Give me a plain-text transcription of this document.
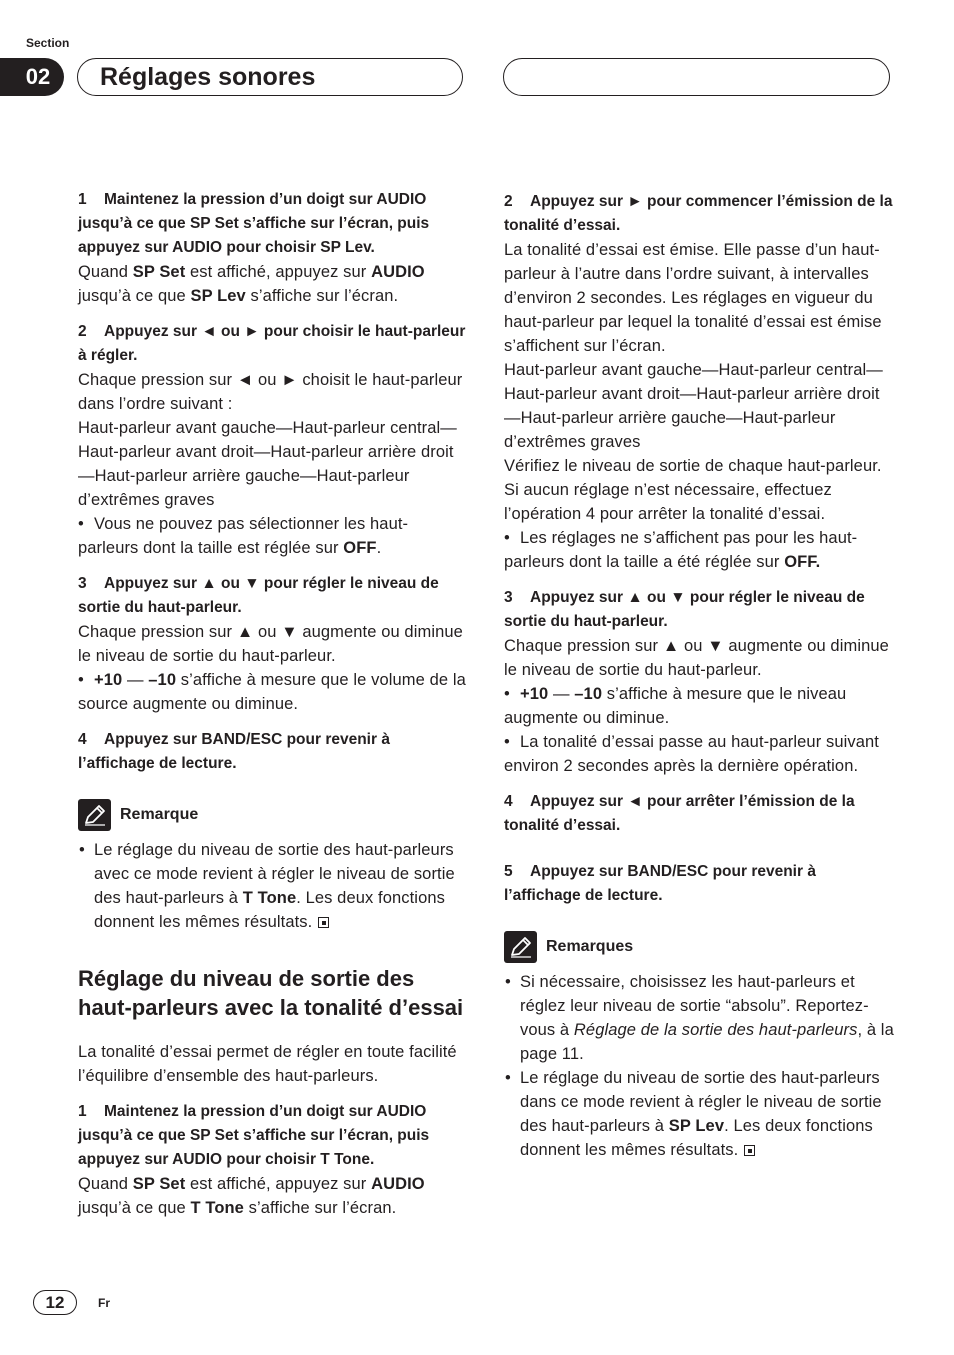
Section
02	Réglages sonores
1 Maintenez la pression d’un doigt sur AUDIO jusqu’à ce que SP Set s’affiche sur l’écran, puis appuyez sur AUDIO pour choisir SP Lev.
Quand SP Set est affiché, appuyez sur AUDIO jusqu’à ce que SP Lev s’affiche sur l’écran.
2 Appuyez sur ◄ ou ► pour choisir le haut-parleur à régler.
Chaque pression sur ◄ ou ► choisit le haut-parleur dans l’ordre suivant :
Haut-parleur avant gauche—Haut-parleur central—Haut-parleur avant droit—Haut-parleur arrière droit—Haut-parleur arrière gauche—Haut-parleur d’extrêmes graves
• Vous ne pouvez pas sélectionner les haut-parleurs dont la taille est réglée sur OFF.
3 Appuyez sur ▲ ou ▼ pour régler le niveau de sortie du haut-parleur.
Chaque pression sur ▲ ou ▼ augmente ou diminue le niveau de sortie du haut-parleur.
• +10 — –10 s’affiche à mesure que le volume de la source augmente ou diminue.
4 Appuyez sur BAND/ESC pour revenir à l’affichage de lecture.
Remarque
• Le réglage du niveau de sortie des haut-parleurs avec ce mode revient à régler le niveau de sortie des haut-parleurs à T Tone. Les deux fonctions donnent les mêmes résultats.
Réglage du niveau de sortie des haut-parleurs avec la tonalité d’essai
La tonalité d’essai permet de régler en toute facilité l’équilibre d’ensemble des haut-parleurs.
1 Maintenez la pression d’un doigt sur AUDIO jusqu’à ce que SP Set s’affiche sur l’écran, puis appuyez sur AUDIO pour choisir T Tone.
Quand SP Set est affiché, appuyez sur AUDIO jusqu’à ce que T Tone s’affiche sur l’écran.
2 Appuyez sur ► pour commencer l’émission de la tonalité d’essai.
La tonalité d’essai est émise. Elle passe d’un haut-parleur à l’autre dans l’ordre suivant, à intervalles d’environ 2 secondes. Les réglages en vigueur du haut-parleur par lequel la tonalité d’essai est émise s’affichent sur l’écran.
Haut-parleur avant gauche—Haut-parleur central—Haut-parleur avant droit—Haut-parleur arrière droit—Haut-parleur arrière gauche—Haut-parleur d’extrêmes graves
Vérifiez le niveau de sortie de chaque haut-parleur. Si aucun réglage n’est nécessaire, effectuez l’opération 4 pour arrêter la tonalité d’essai.
• Les réglages ne s’affichent pas pour les haut-parleurs dont la taille a été réglée sur OFF.
3 Appuyez sur ▲ ou ▼ pour régler le niveau de sortie du haut-parleur.
Chaque pression sur ▲ ou ▼ augmente ou diminue le niveau de sortie du haut-parleur.
• +10 — –10 s’affiche à mesure que le niveau augmente ou diminue.
• La tonalité d’essai passe au haut-parleur suivant environ 2 secondes après la dernière opération.
4 Appuyez sur ◄ pour arrêter l’émission de la tonalité d’essai.
5 Appuyez sur BAND/ESC pour revenir à l’affichage de lecture.
Remarques
• Si nécessaire, choisissez les haut-parleurs et réglez leur niveau de sortie “absolu”. Reportez-vous à Réglage de la sortie des haut-parleurs, à la page 11.
• Le réglage du niveau de sortie des haut-parleurs dans ce mode revient à régler le niveau de sortie des haut-parleurs à SP Lev. Les deux fonctions donnent les mêmes résultats.
12	Fr
